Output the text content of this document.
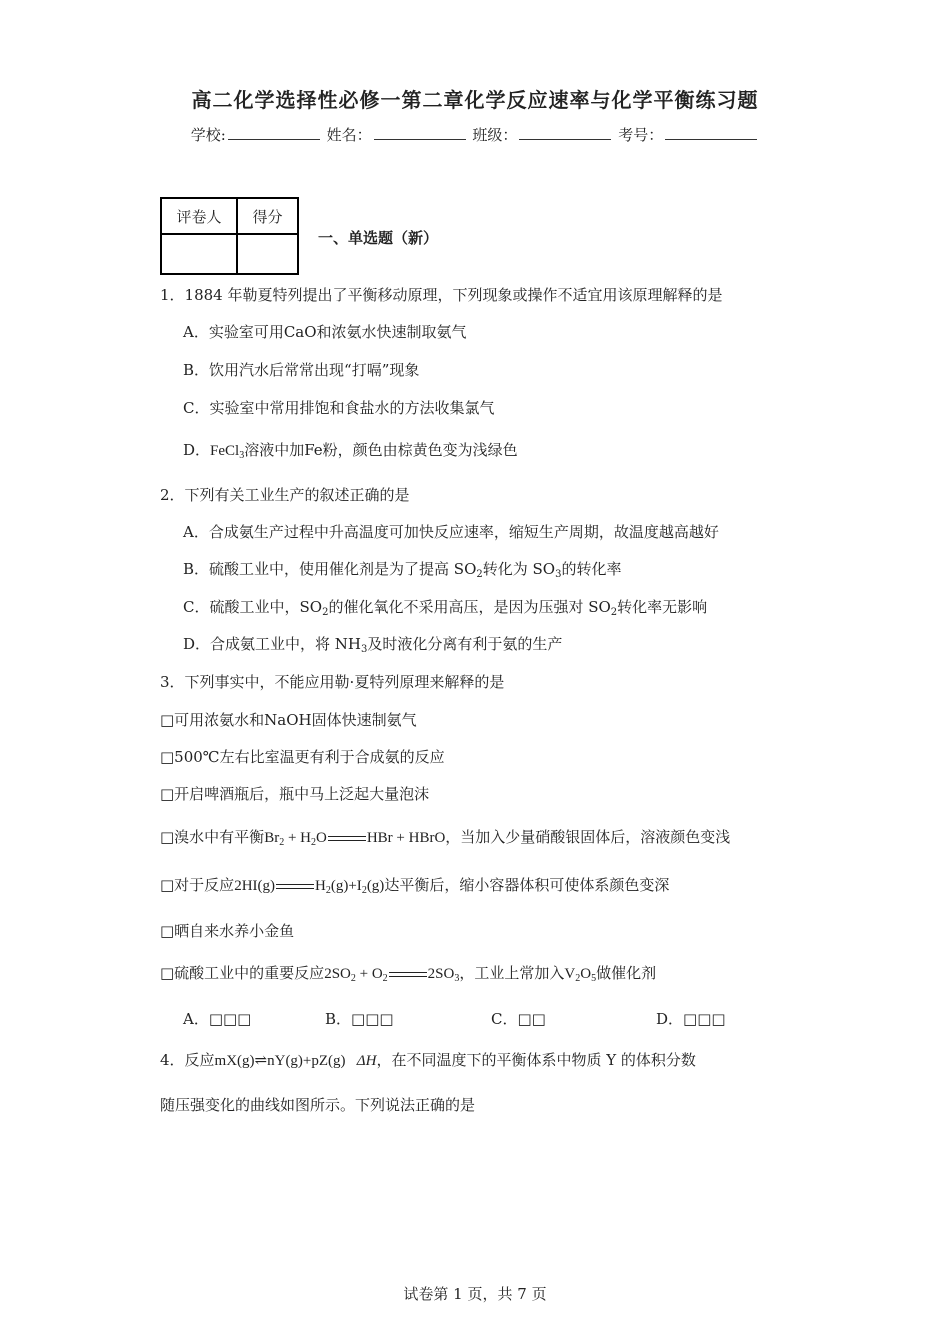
高二化学选择性必修一第二章化学反应速率与化学平衡练习题
学校:	姓名：	班级：	考号：
评卷人	得分

一、单选题（新）
1．1884 年勒夏特列提出了平衡移动原理，下列现象或操作不适宜用该原理解释的是
A．实验室可用CaO和浓氨水快速制取氨气
B．饮用汽水后常常出现“打嗝”现象
C．实验室中常用排饱和食盐水的方法收集氯气
D．FeCl$_3$溶液中加Fe粉，颜色由棕黄色变为浅绿色
2．下列有关工业生产的叙述正确的是
A．合成氨生产过程中升高温度可加快反应速率，缩短生产周期，故温度越高越好
B．硫酸工业中，使用催化剂是为了提高 $SO_2$转化为 $SO_3$的转化率
C．硫酸工业中，$SO_2$的催化氧化不采用高压，是因为压强对 $SO_2$转化率无影响
D．合成氨工业中，将 $NH_3$及时液化分离有利于氨的生产
3．下列事实中，不能应用勒·夏特列原理来解释的是
□可用浓氨水和NaOH固体快速制氨气
□500℃左右比室温更有利于合成氨的反应
□开启啤酒瓶后，瓶中马上泛起大量泡沫
□溴水中有平衡$Br_2 + H_2O$	HBr + HBrO，当加入少量硝酸银固体后，溶液颜色变浅
□对于反应2HI(g)	$H_2(g)+I_2(g)$达平衡后，缩小容器体积可使体系颜色变深
□晒自来水养小金鱼
□硫酸工业中的重要反应$2SO_2 + O_2$	$2SO_3$，工业上常加入$V_2O_5$做催化剂
A．□□□	B．□□□	C．□□	D．□□□
4．反应mX(g)⇌nY(g)+pZ(g)   ΔH，在不同温度下的平衡体系中物质 Y 的体积分数
随压强变化的曲线如图所示。下列说法正确的是
试卷第 1 页，共 7 页
